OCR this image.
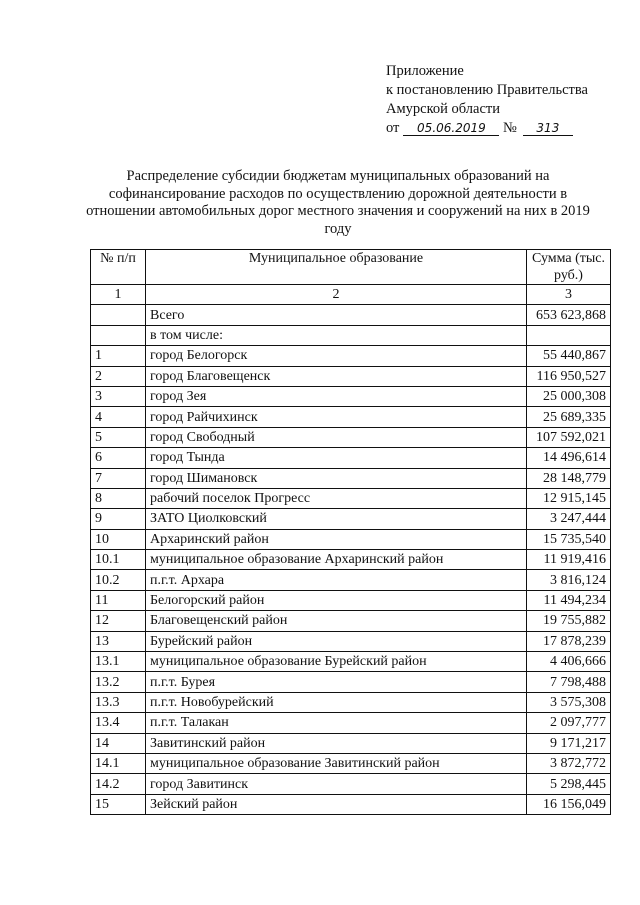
Приложение
к постановлению Правительства
Амурской области
от 05.06.2019 № 313
Распределение субсидии бюджетам муниципальных образований на софинансирование расходов по осуществлению дорожной деятельности в отношении автомобильных дорог местного значения и сооружений на них в 2019 году
№ п/п	Муниципальное образование	Сумма (тыс. руб.)
1	2	3
	Всего	653 623,868
	в том числе:	
1	город Белогорск	55 440,867
2	город Благовещенск	116 950,527
3	город Зея	25 000,308
4	город Райчихинск	25 689,335
5	город Свободный	107 592,021
6	город Тында	14 496,614
7	город Шимановск	28 148,779
8	рабочий поселок Прогресс	12 915,145
9	ЗАТО Циолковский	3 247,444
10	Архаринский район	15 735,540
10.1	муниципальное образование Архаринский район	11 919,416
10.2	п.г.т. Архара	3 816,124
11	Белогорский район	11 494,234
12	Благовещенский район	19 755,882
13	Бурейский район	17 878,239
13.1	муниципальное образование Бурейский район	4 406,666
13.2	п.г.т. Бурея	7 798,488
13.3	п.г.т. Новобурейский	3 575,308
13.4	п.г.т. Талакан	2 097,777
14	Завитинский район	9 171,217
14.1	муниципальное образование Завитинский район	3 872,772
14.2	город Завитинск	5 298,445
15	Зейский район	16 156,049
